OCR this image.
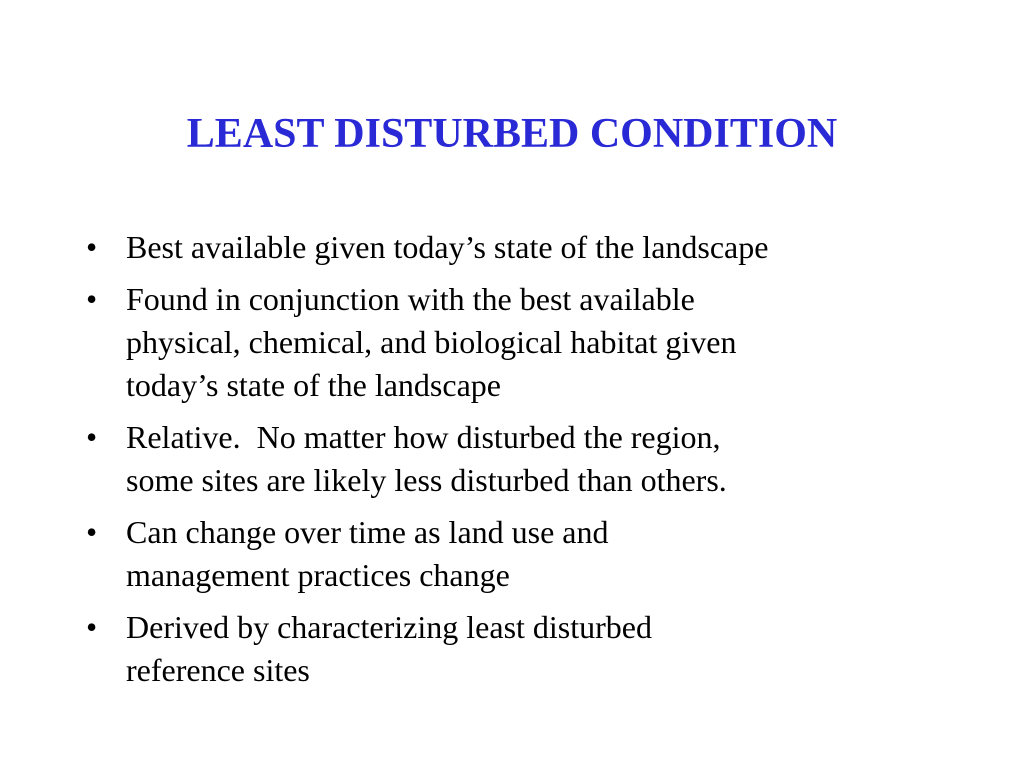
LEAST DISTURBED CONDITION
• Best available given today’s state of the landscape
• Found in conjunction with the best available
physical, chemical, and biological habitat given
today’s state of the landscape
• Relative.  No matter how disturbed the region,
some sites are likely less disturbed than others.
• Can change over time as land use and
management practices change
• Derived by characterizing least disturbed
reference sites
